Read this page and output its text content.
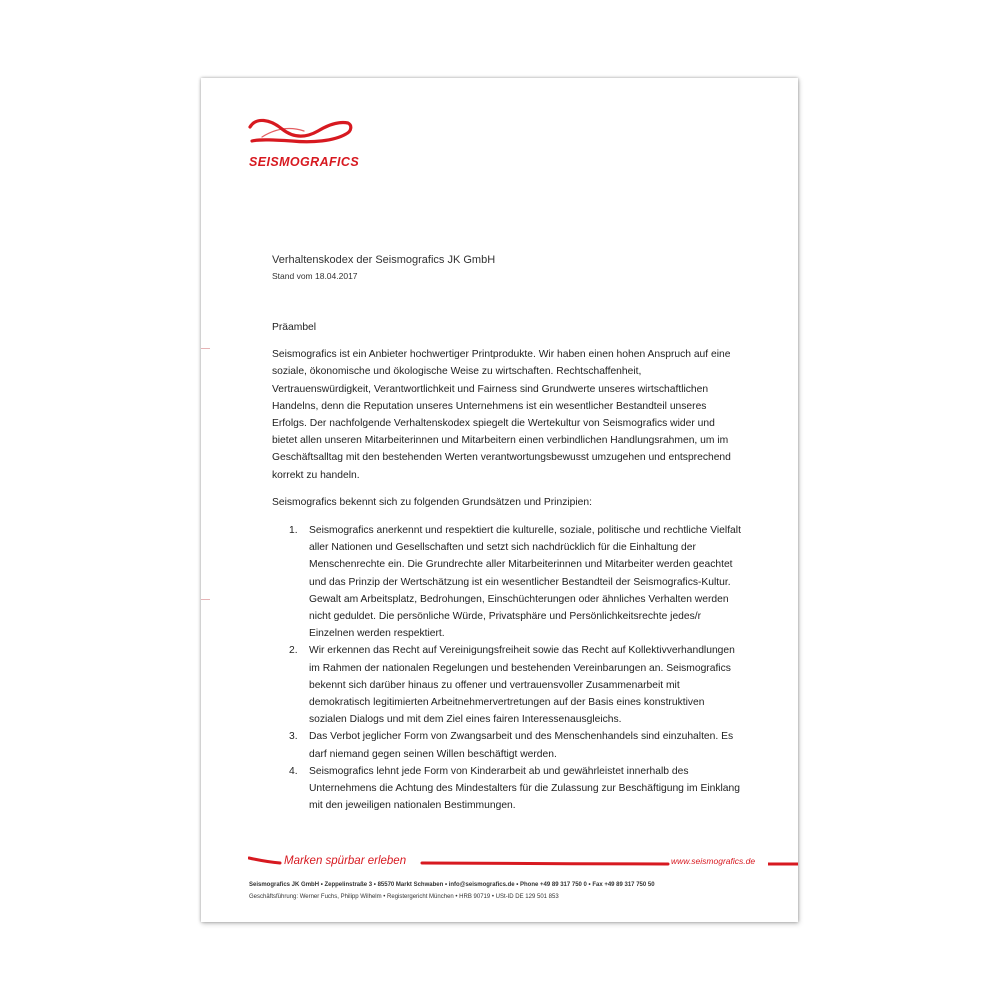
SEISMOGRAFICS
Verhaltenskodex der Seismografics JK GmbH
Stand vom 18.04.2017

Präambel

Seismografics ist ein Anbieter hochwertiger Printprodukte. Wir haben einen hohen Anspruch auf eine soziale, ökonomische und ökologische Weise zu wirtschaften. Rechtschaffenheit, Vertrauenswürdigkeit, Verantwortlichkeit und Fairness sind Grundwerte unseres wirtschaftlichen Handelns, denn die Reputation unseres Unternehmens ist ein wesentlicher Bestandteil unseres Erfolgs. Der nachfolgende Verhaltenskodex spiegelt die Wertekultur von Seismografics wider und bietet allen unseren Mitarbeiterinnen und Mitarbeitern einen verbindlichen Handlungsrahmen, um im Geschäftsalltag mit den bestehenden Werten verantwortungsbewusst umzugehen und entsprechend korrekt zu handeln.

Seismografics bekennt sich zu folgenden Grundsätzen und Prinzipien:

1. Seismografics anerkennt und respektiert die kulturelle, soziale, politische und rechtliche Vielfalt aller Nationen und Gesellschaften und setzt sich nachdrücklich für die Einhaltung der Menschenrechte ein. Die Grundrechte aller Mitarbeiterinnen und Mitarbeiter werden geachtet und das Prinzip der Wertschätzung ist ein wesentlicher Bestandteil der Seismografics-Kultur. Gewalt am Arbeitsplatz, Bedrohungen, Einschüchterungen oder ähnliches Verhalten werden nicht geduldet. Die persönliche Würde, Privatsphäre und Persönlichkeitsrechte jedes/r Einzelnen werden respektiert.
2. Wir erkennen das Recht auf Vereinigungsfreiheit sowie das Recht auf Kollektivverhandlungen im Rahmen der nationalen Regelungen und bestehenden Vereinbarungen an. Seismografics bekennt sich darüber hinaus zu offener und vertrauensvoller Zusammenarbeit mit demokratisch legitimierten Arbeitnehmervertretungen auf der Basis eines konstruktiven sozialen Dialogs und mit dem Ziel eines fairen Interessenausgleichs.
3. Das Verbot jeglicher Form von Zwangsarbeit und des Menschenhandels sind einzuhalten. Es darf niemand gegen seinen Willen beschäftigt werden.
4. Seismografics lehnt jede Form von Kinderarbeit ab und gewährleistet innerhalb des Unternehmens die Achtung des Mindestalters für die Zulassung zur Beschäftigung im Einklang mit den jeweiligen nationalen Bestimmungen.
Marken spürbar erleben	www.seismografics.de
Seismografics JK GmbH • Zeppelinstraße 3 • 85570 Markt Schwaben • info@seismografics.de • Phone +49 89 317 750 0 • Fax +49 89 317 750 50
Geschäftsführung: Werner Fuchs, Philipp Wilhelm • Registergericht München • HRB 90719 • USt-ID DE 129 501 853
